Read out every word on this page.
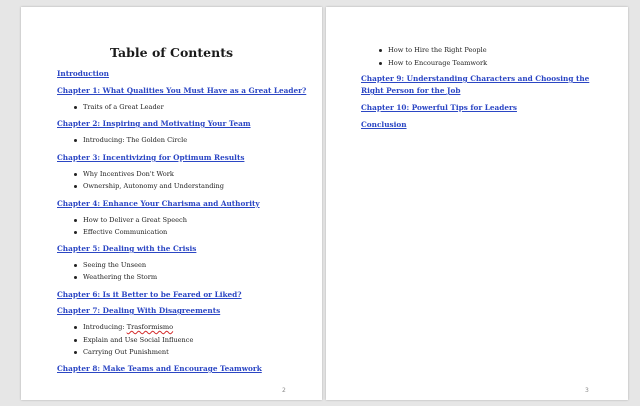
Table of Contents
Introduction
Chapter 1: What Qualities You Must Have as a Great Leader?
Traits of a Great Leader
Chapter 2: Inspiring and Motivating Your Team
Introducing: The Golden Circle
Chapter 3: Incentivizing for Optimum Results
Why Incentives Don't Work
Ownership, Autonomy and Understanding
Chapter 4: Enhance Your Charisma and Authority
How to Deliver a Great Speech
Effective Communication
Chapter 5: Dealing with the Crisis
Seeing the Unseen
Weathering the Storm
Chapter 6: Is it Better to be Feared or Liked?
Chapter 7: Dealing With Disagreements
Introducing: Trasformismo
Explain and Use Social Influence
Carrying Out Punishment
Chapter 8: Make Teams and Encourage Teamwork
2
How to Hire the Right People
How to Encourage Teamwork
Chapter 9: Understanding Characters and Choosing the Right Person for the Job
Chapter 10: Powerful Tips for Leaders
Conclusion
3
